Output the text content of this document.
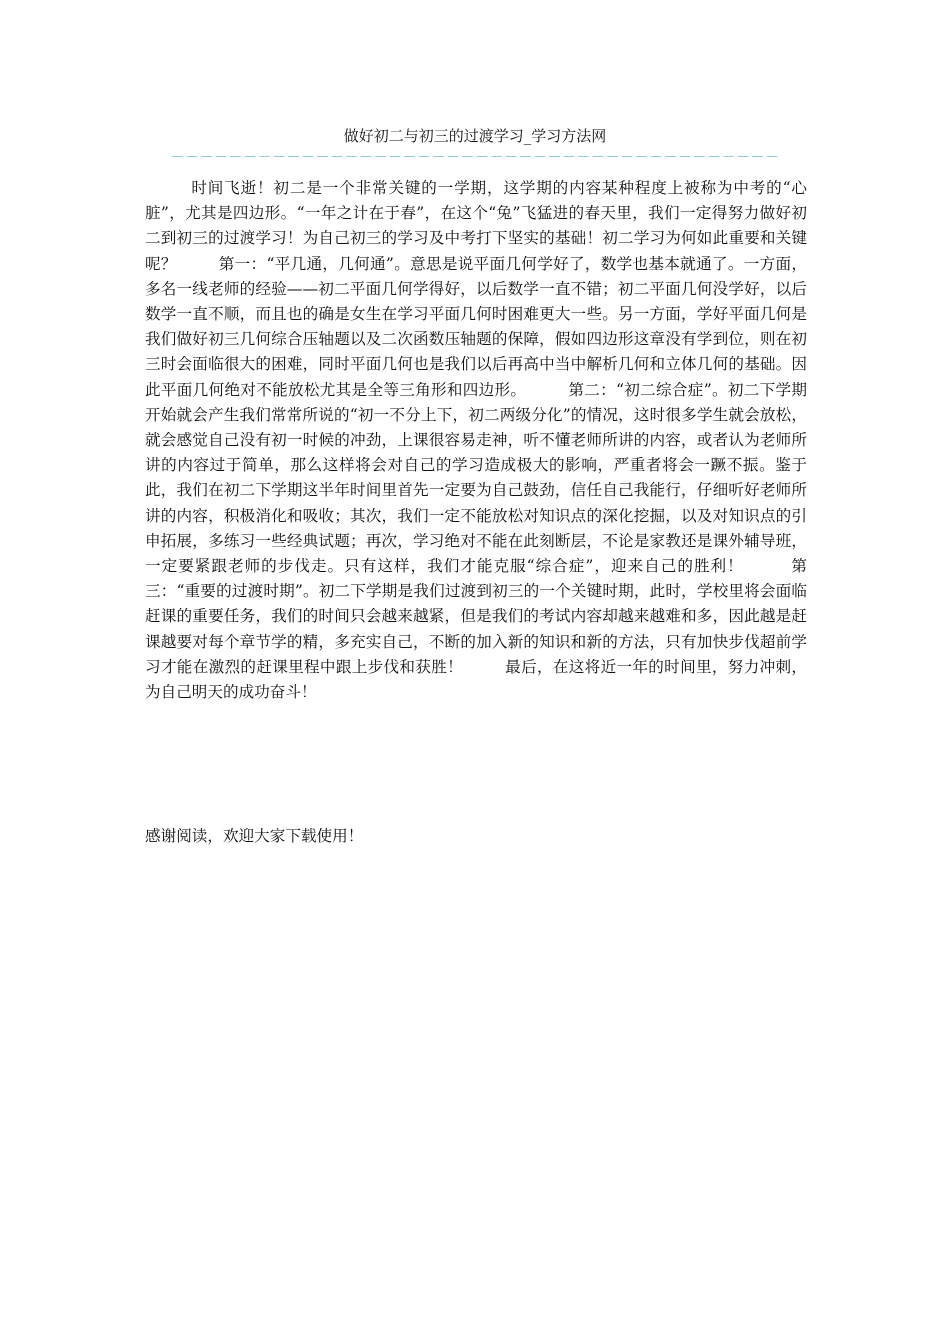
做好初二与初三的过渡学习_学习方法网
－－－－－－－－－－－－－－－－－－－－－－－－－－－－－－－－－－－－－－－－－－

时间飞逝！初二是一个非常关键的一学期，这学期的内容某种程度上被称为中考的“心脏”，尤其是四边形。“一年之计在于春”，在这个“兔”飞猛进的春天里，我们一定得努力做好初二到初三的过渡学习！为自己初三的学习及中考打下坚实的基础！初二学习为何如此重要和关键呢？        第一：“平几通，几何通”。意思是说平面几何学好了，数学也基本就通了。一方面，多名一线老师的经验——初二平面几何学得好，以后数学一直不错；初二平面几何没学好，以后数学一直不顺，而且也的确是女生在学习平面几何时困难更大一些。另一方面，学好平面几何是我们做好初三几何综合压轴题以及二次函数压轴题的保障，假如四边形这章没有学到位，则在初三时会面临很大的困难，同时平面几何也是我们以后再高中当中解析几何和立体几何的基础。因此平面几何绝对不能放松尤其是全等三角形和四边形。        第二：“初二综合症”。初二下学期开始就会产生我们常常所说的“初一不分上下，初二两级分化”的情况，这时很多学生就会放松，就会感觉自己没有初一时候的冲劲，上课很容易走神，听不懂老师所讲的内容，或者认为老师所讲的内容过于简单，那么这样将会对自己的学习造成极大的影响，严重者将会一蹶不振。鉴于此，我们在初二下学期这半年时间里首先一定要为自己鼓劲，信任自己我能行，仔细听好老师所讲的内容，积极消化和吸收；其次，我们一定不能放松对知识点的深化挖掘，以及对知识点的引申拓展，多练习一些经典试题；再次，学习绝对不能在此刻断层，不论是家教还是课外辅导班，一定要紧跟老师的步伐走。只有这样，我们才能克服“综合症”，迎来自己的胜利！        第三：“重要的过渡时期”。初二下学期是我们过渡到初三的一个关键时期，此时，学校里将会面临赶课的重要任务，我们的时间只会越来越紧，但是我们的考试内容却越来越难和多，因此越是赶课越要对每个章节学的精，多充实自己，不断的加入新的知识和新的方法，只有加快步伐超前学习才能在激烈的赶课里程中跟上步伐和获胜！        最后，在这将近一年的时间里，努力冲刺，为自己明天的成功奋斗！

感谢阅读，欢迎大家下载使用！
